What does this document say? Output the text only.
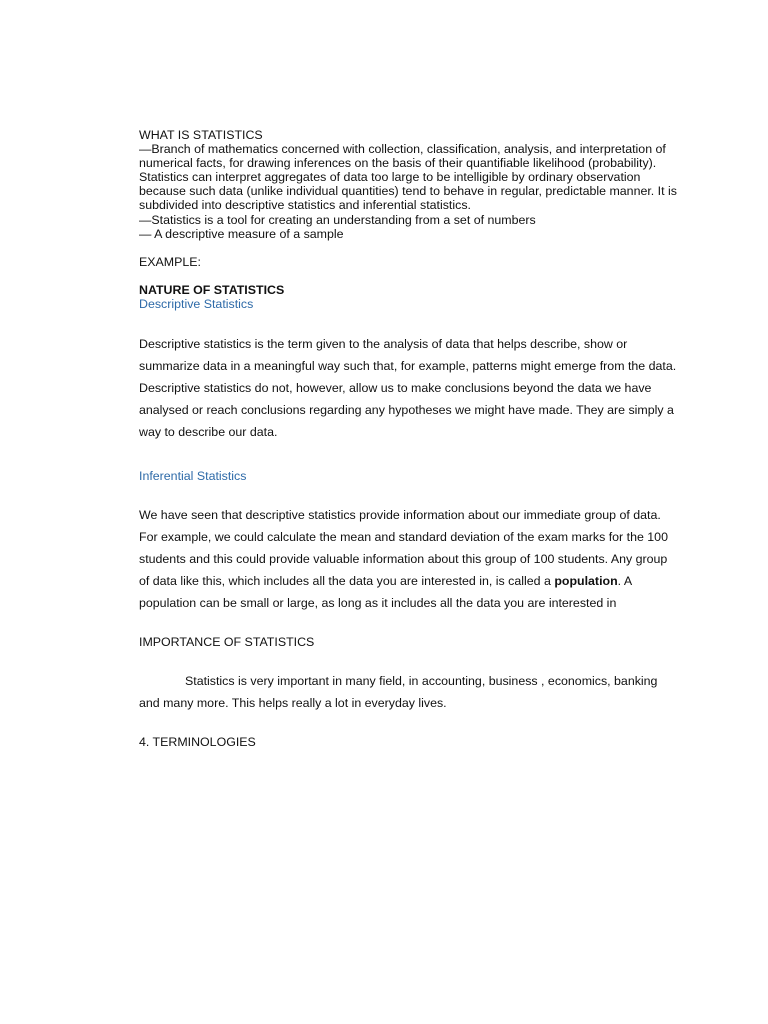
WHAT IS STATISTICS

—Branch of mathematics concerned with collection, classification, analysis, and interpretation of numerical facts, for drawing inferences on the basis of their quantifiable likelihood (probability). Statistics can interpret aggregates of data too large to be intelligible by ordinary observation because such data (unlike individual quantities) tend to behave in regular, predictable manner. It is subdivided into descriptive statistics and inferential statistics.

—Statistics is a tool for creating an understanding from a set of numbers

— A descriptive measure of a sample

EXAMPLE:

NATURE OF STATISTICS

Descriptive Statistics

Descriptive statistics is the term given to the analysis of data that helps describe, show or summarize data in a meaningful way such that, for example, patterns might emerge from the data. Descriptive statistics do not, however, allow us to make conclusions beyond the data we have analysed or reach conclusions regarding any hypotheses we might have made. They are simply a way to describe our data.

Inferential Statistics

We have seen that descriptive statistics provide information about our immediate group of data. For example, we could calculate the mean and standard deviation of the exam marks for the 100 students and this could provide valuable information about this group of 100 students. Any group of data like this, which includes all the data you are interested in, is called a population. A population can be small or large, as long as it includes all the data you are interested in

IMPORTANCE OF STATISTICS

Statistics is very important in many field, in accounting, business , economics, banking and many more. This helps really a lot in everyday lives.

4. TERMINOLOGIES
